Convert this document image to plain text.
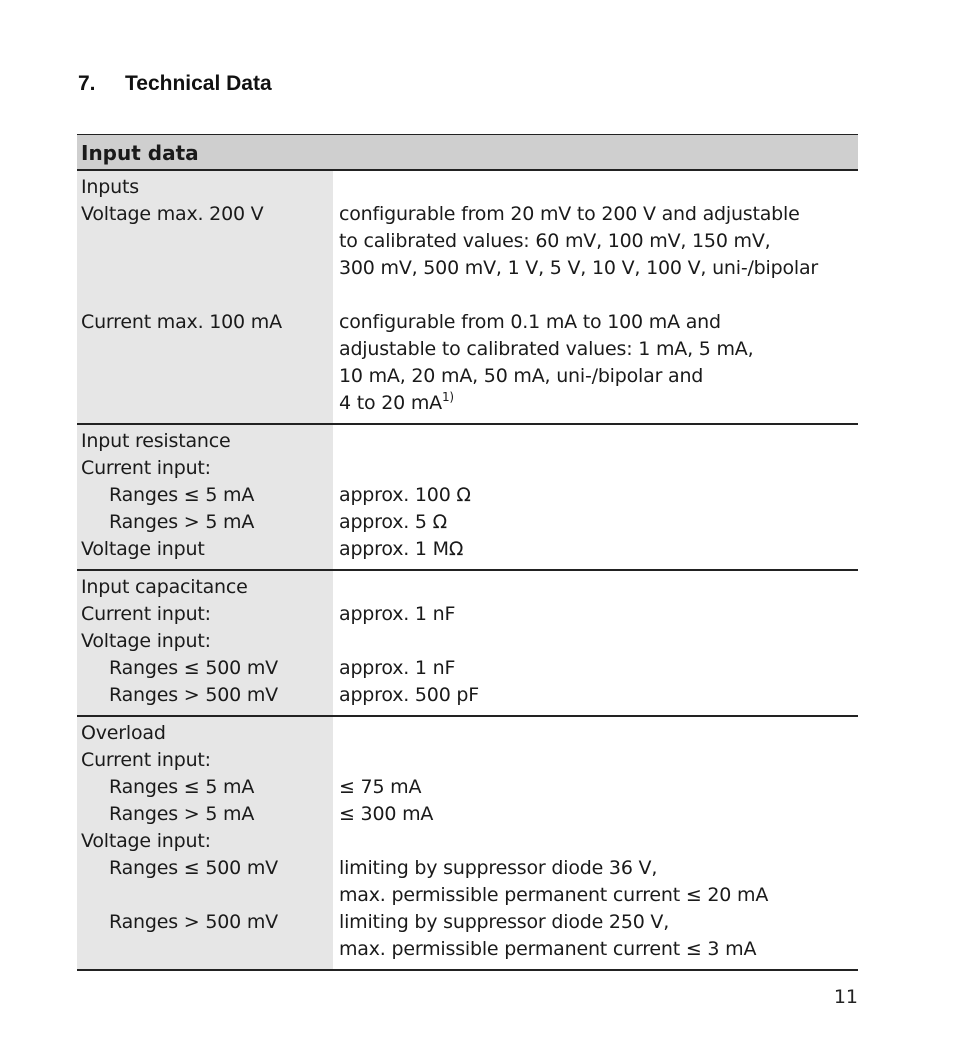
7. Technical Data
Input data
Inputs
Voltage max. 200 V
Current max. 100 mA
configurable from 20 mV to 200 V and adjustable
to calibrated values: 60 mV, 100 mV, 150 mV,
300 mV, 500 mV, 1 V, 5 V, 10 V, 100 V, uni-/bipolar
configurable from 0.1 mA to 100 mA and
adjustable to calibrated values: 1 mA, 5 mA,
10 mA, 20 mA, 50 mA, uni-/bipolar and
4 to 20 $mA^{1)}$
Input resistance
Current input:
Ranges ≤ 5 mA
Ranges > 5 mA
Voltage input
approx. 100 Ω
approx. 5 Ω
approx. 1 MΩ
Input capacitance
Current input:
Voltage input:
Ranges ≤ 500 mV
Ranges > 500 mV
approx. 1 nF
approx. 1 nF
approx. 500 pF
Overload
Current input:
Ranges ≤ 5 mA
Ranges > 5 mA
Voltage input:
Ranges ≤ 500 mV
Ranges > 500 mV
≤ 75 mA
≤ 300 mA
limiting by suppressor diode 36 V,
max. permissible permanent current ≤ 20 mA
limiting by suppressor diode 250 V,
max. permissible permanent current ≤ 3 mA
11
